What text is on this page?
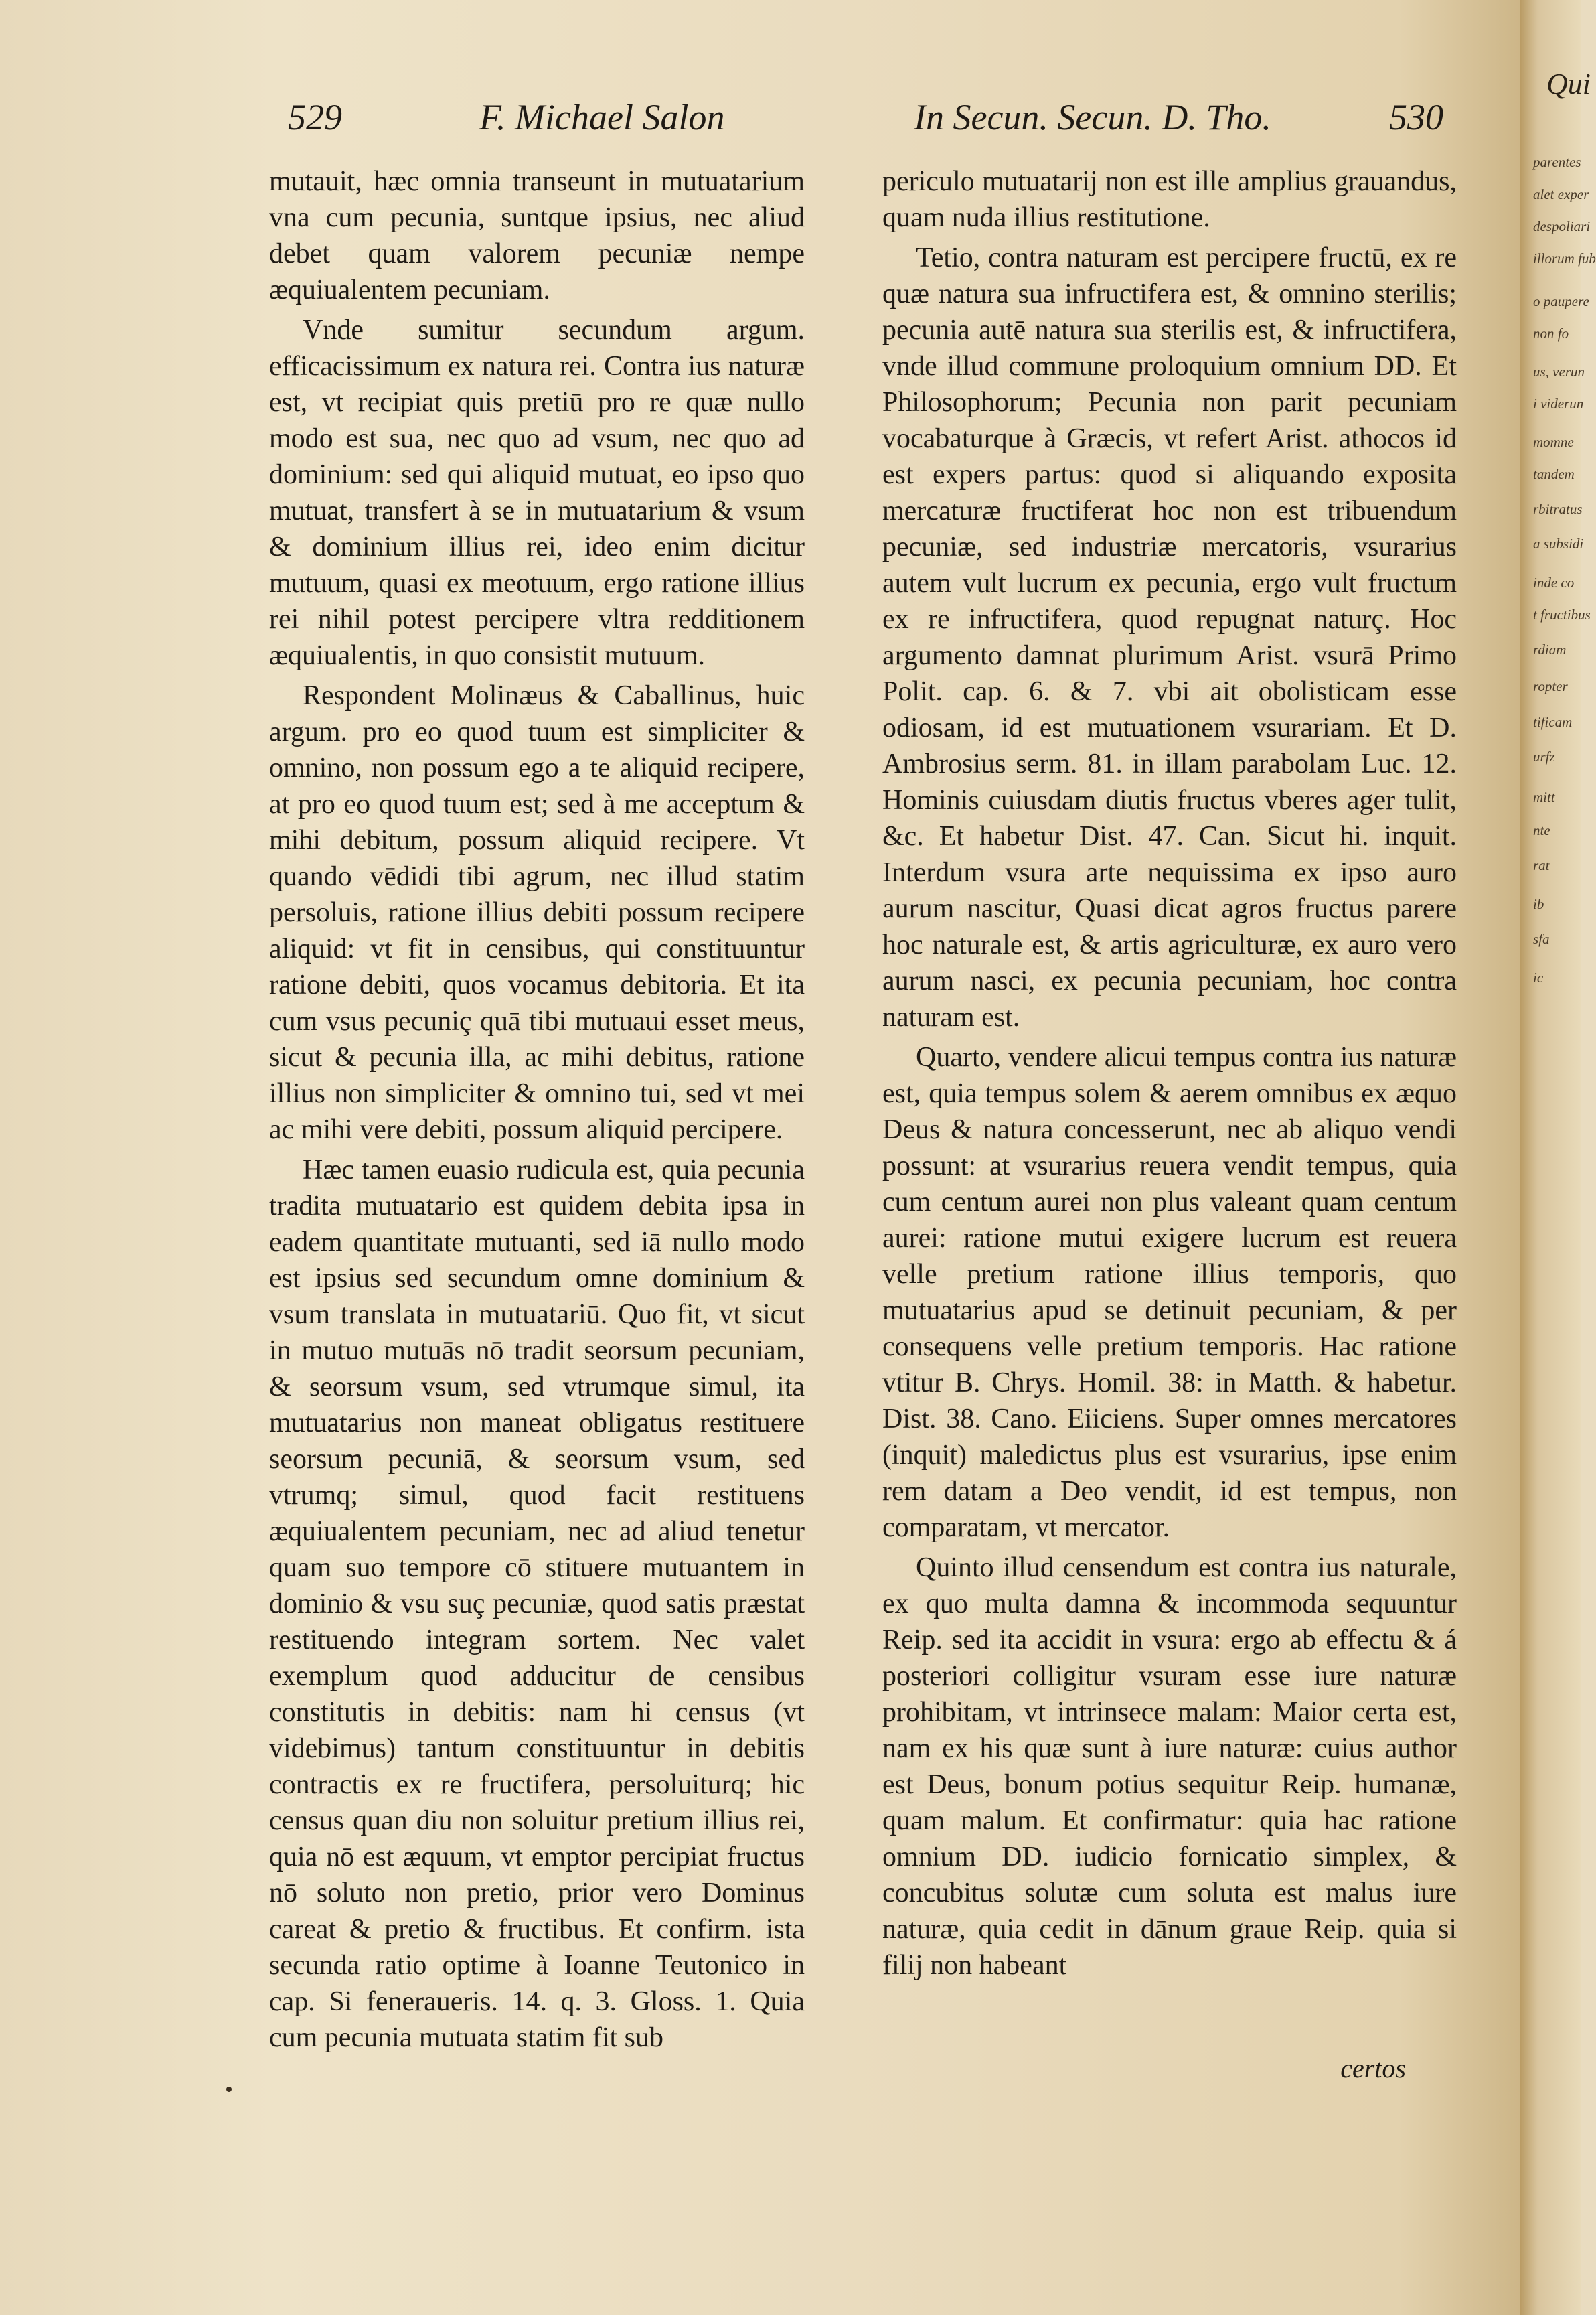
529	F. Michael Salon	In Secun. Secun. D. Tho.	530

mutauit, hæc omnia transeunt in mutuatarium vna cum pecunia, suntque ipsius, nec aliud debet quam valorem pecuniæ nempe æquiualentem pecuniam.

Vnde sumitur secundum argum. efficacissimum ex natura rei. Contra ius naturæ est, vt recipiat quis pretiū pro re quæ nullo modo est sua, nec quo ad vsum, nec quo ad dominium: sed qui aliquid mutuat, eo ipso quo mutuat, transfert à se in mutuatarium & vsum & dominium illius rei, ideo enim dicitur mutuum, quasi ex meotuum, ergo ratione illius rei nihil potest percipere vltra redditionem æquiualentis, in quo consistit mutuum.

Respondent Molinæus & Caballinus, huic argum. pro eo quod tuum est simpliciter & omnino, non possum ego a te aliquid recipere, at pro eo quod tuum est; sed à me acceptum & mihi debitum, possum aliquid recipere. Vt quando vēdidi tibi agrum, nec illud statim persoluis, ratione illius debiti possum recipere aliquid: vt fit in censibus, qui constituuntur ratione debiti, quos vocamus debitoria. Et ita cum vsus pecuniç quā tibi mutuaui esset meus, sicut & pecunia illa, ac mihi debitus, ratione illius non simpliciter & omnino tui, sed vt mei ac mihi vere debiti, possum aliquid percipere.

Hæc tamen euasio rudicula est, quia pecunia tradita mutuatario est quidem debita ipsa in eadem quantitate mutuanti, sed iā nullo modo est ipsius sed secundum omne dominium & vsum translata in mutuatariū. Quo fit, vt sicut in mutuo mutuās nō tradit seorsum pecuniam, & seorsum vsum, sed vtrumque simul, ita mutuatarius non maneat obligatus restituere seorsum pecuniā, & seorsum vsum, sed vtrumq; simul, quod facit restituens æquiualentem pecuniam, nec ad aliud tenetur quam suo tempore cō stituere mutuantem in dominio & vsu suç pecuniæ, quod satis præstat restituendo integram sortem. Nec valet exemplum quod adducitur de censibus constitutis in debitis: nam hi census (vt videbimus) tantum constituuntur in debitis contractis ex re fructifera, persoluiturq; hic census quan diu non soluitur pretium illius rei, quia nō est æquum, vt emptor percipiat fructus nō soluto non pretio, prior vero Dominus careat & pretio & fructibus. Et confirm. ista secunda ratio optime à Ioanne Teutonico in cap. Si feneraueris. 14. q. 3. Gloss. 1. Quia cum pecunia mutuata statim fit sub

periculo mutuatarij non est ille amplius grauandus, quam nuda illius restitutione.

Tetio, contra naturam est percipere fructū, ex re quæ natura sua infructifera est, & omnino sterilis; pecunia autē natura sua sterilis est, & infructifera, vnde illud commune proloquium omnium DD. Et Philosophorum; Pecunia non parit pecuniam vocabaturque à Græcis, vt refert Arist. athocos id est expers partus: quod si aliquando exposita mercaturæ fructiferat hoc non est tribuendum pecuniæ, sed industriæ mercatoris, vsurarius autem vult lucrum ex pecunia, ergo vult fructum ex re infructifera, quod repugnat naturç. Hoc argumento damnat plurimum Arist. vsurā Primo Polit. cap. 6. & 7. vbi ait obolisticam esse odiosam, id est mutuationem vsurariam. Et D. Ambrosius serm. 81. in illam parabolam Luc. 12. Hominis cuiusdam diutis fructus vberes ager tulit, &c. Et habetur Dist. 47. Can. Sicut hi. inquit. Interdum vsura arte nequissima ex ipso auro aurum nascitur, Quasi dicat agros fructus parere hoc naturale est, & artis agriculturæ, ex auro vero aurum nasci, ex pecunia pecuniam, hoc contra naturam est.

Quarto, vendere alicui tempus contra ius naturæ est, quia tempus solem & aerem omnibus ex æquo Deus & natura concesserunt, nec ab aliquo vendi possunt: at vsurarius reuera vendit tempus, quia cum centum aurei non plus valeant quam centum aurei: ratione mutui exigere lucrum est reuera velle pretium ratione illius temporis, quo mutuatarius apud se detinuit pecuniam, & per consequens velle pretium temporis. Hac ratione vtitur B. Chrys. Homil. 38: in Matth. & habetur. Dist. 38. Cano. Eiiciens. Super omnes mercatores (inquit) maledictus plus est vsurarius, ipse enim rem datam a Deo vendit, id est tempus, non comparatam, vt mercator.

Quinto illud censendum est contra ius naturale, ex quo multa damna & incommoda sequuntur Reip. sed ita accidit in vsura: ergo ab effectu & á posteriori colligitur vsuram esse iure naturæ prohibitam, vt intrinsece malam: Maior certa est, nam ex his quæ sunt à iure naturæ: cuius author est Deus, bonum potius sequitur Reip. humanæ, quam malum. Et confirmatur: quia hac ratione omnium DD. iudicio fornicatio simplex, & concubitus solutæ cum soluta est malus iure naturæ, quia cedit in dānum graue Reip. quia si filij non habeant

certos
Qui
parentes
alet exper
despoliari
illorum fub
o paupere
non fo
us, verun
i viderun
momne
tandem
rbitratus
a subsidi
inde co
t fructibus
rdiam
ropter
tificam
urfz
mitt
nte
rat
ib
sfa
ic
